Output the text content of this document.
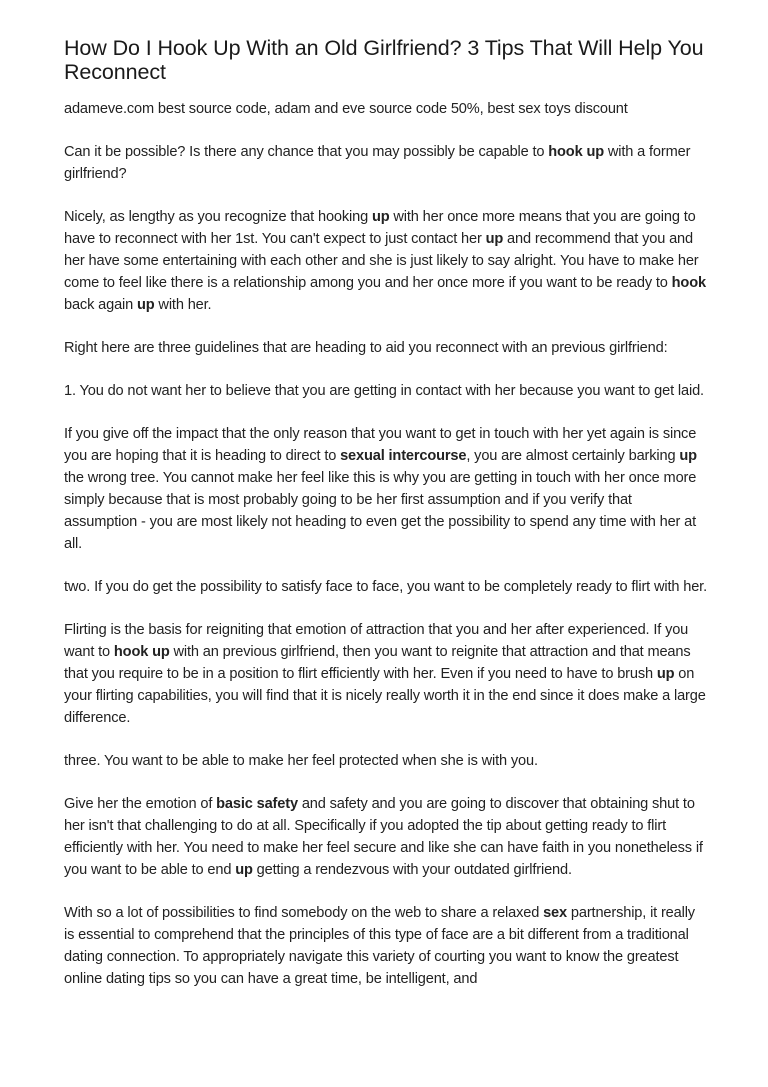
How Do I Hook Up With an Old Girlfriend? 3 Tips That Will Help You Reconnect

adameve.com best source code, adam and eve source code 50%, best sex toys discount

Can it be possible? Is there any chance that you may possibly be capable to hook up with a former girlfriend?

Nicely, as lengthy as you recognize that hooking up with her once more means that you are going to have to reconnect with her 1st. You can't expect to just contact her up and recommend that you and her have some entertaining with each other and she is just likely to say alright. You have to make her come to feel like there is a relationship among you and her once more if you want to be ready to hook back again up with her.

Right here are three guidelines that are heading to aid you reconnect with an previous girlfriend:

1. You do not want her to believe that you are getting in contact with her because you want to get laid.

If you give off the impact that the only reason that you want to get in touch with her yet again is since you are hoping that it is heading to direct to sexual intercourse, you are almost certainly barking up the wrong tree. You cannot make her feel like this is why you are getting in touch with her once more simply because that is most probably going to be her first assumption and if you verify that assumption - you are most likely not heading to even get the possibility to spend any time with her at all.

two. If you do get the possibility to satisfy face to face, you want to be completely ready to flirt with her.

Flirting is the basis for reigniting that emotion of attraction that you and her after experienced. If you want to hook up with an previous girlfriend, then you want to reignite that attraction and that means that you require to be in a position to flirt efficiently with her. Even if you need to have to brush up on your flirting capabilities, you will find that it is nicely really worth it in the end since it does make a large difference.

three. You want to be able to make her feel protected when she is with you.

Give her the emotion of basic safety and safety and you are going to discover that obtaining shut to her isn't that challenging to do at all. Specifically if you adopted the tip about getting ready to flirt efficiently with her. You need to make her feel secure and like she can have faith in you nonetheless if you want to be able to end up getting a rendezvous with your outdated girlfriend.

With so a lot of possibilities to find somebody on the web to share a relaxed sex partnership, it really is essential to comprehend that the principles of this type of face are a bit different from a traditional dating connection. To appropriately navigate this variety of courting you want to know the greatest online dating tips so you can have a great time, be intelligent, and
